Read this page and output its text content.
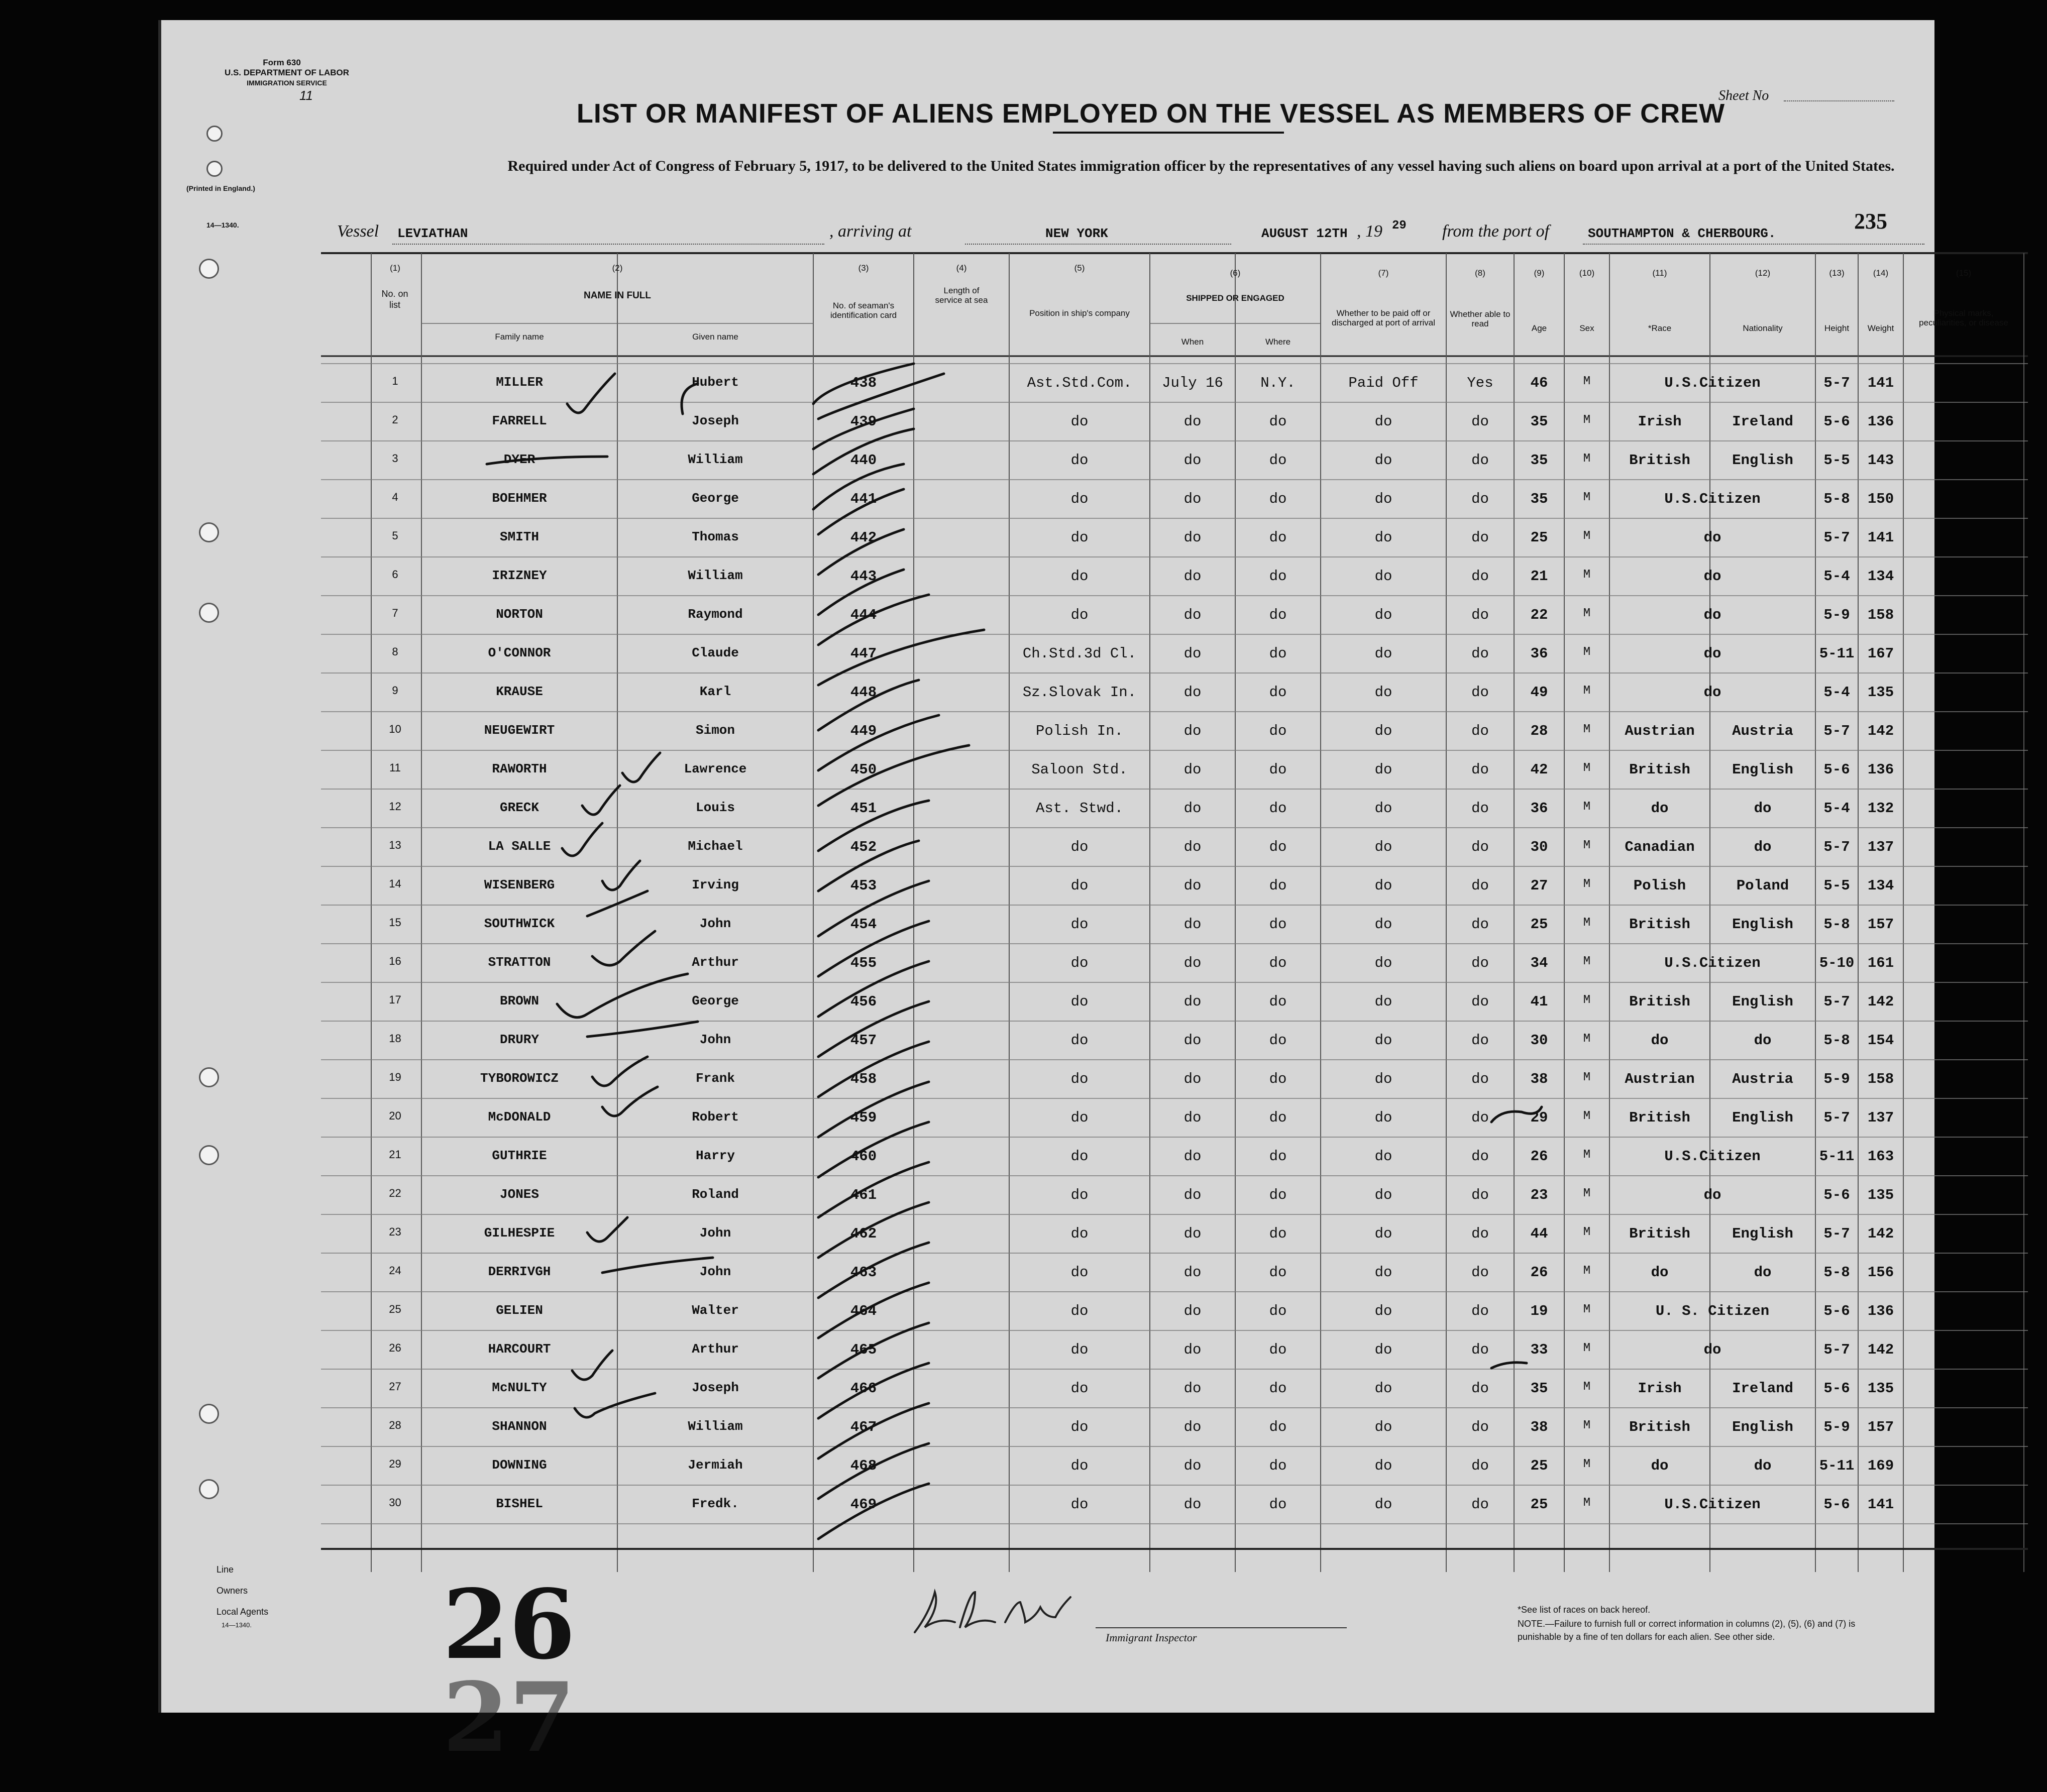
Form 630
U.S. DEPARTMENT OF LABOR
IMMIGRATION SERVICE
11
(Printed in England.)
14—1340.
Sheet No
LIST OR MANIFEST OF ALIENS EMPLOYED ON THE VESSEL AS MEMBERS OF CREW
Required under Act of Congress of February 5, 1917, to be delivered to the United States immigration officer by the representatives of any vessel having such aliens on board upon arrival at a port of the United States.
Vessel LEVIATHAN	, arriving at	NEW YORK	AUGUST 12TH , 19 29 from the port of	SOUTHAMPTON & CHERBOURG.	235
(1)
No. on list
(2)
NAME IN FULL
Family name	Given name
(3)
No. of seaman's identification card
(4)
Length of service at sea
(5)
Position in ship's company
(6)
SHIPPED OR ENGAGED
When	Where
(7)
Whether to be paid off or discharged at port of arrival
(8)
Whether able to read
(9)
Age
(10)
Sex
(11)
*Race
(12)
Nationality
(13)
Height
(14)
Weight
(15)
Physical marks, peculiarities, or disease
1	MILLER	Hubert	438	Ast.Std.Com.	July 16	N.Y.	Paid Off	Yes	46	M	U.S.Citizen	5-7	141
2	FARRELL	Joseph	439	do	do	do	do	do	35	M	Irish	Ireland	5-6	136
3	DYER	William	440	do	do	do	do	do	35	M	British	English	5-5	143
4	BOEHMER	George	441	do	do	do	do	do	35	M	U.S.Citizen	5-8	150
5	SMITH	Thomas	442	do	do	do	do	do	25	M	do	5-7	141
6	IRIZNEY	William	443	do	do	do	do	do	21	M	do	5-4	134
7	NORTON	Raymond	444	do	do	do	do	do	22	M	do	5-9	158
8	O'CONNOR	Claude	447	Ch.Std.3d Cl.	do	do	do	do	36	M	do	5-11 167
9	KRAUSE	Karl	448	Sz.Slovak In.	do	do	do	do	49	M	do	5-4	135
10	NEUGEWIRT	Simon	449	Polish In.	do	do	do	do	28	M	Austrian	Austria	5-7	142
11	RAWORTH	Lawrence	450	Saloon Std.	do	do	do	do	42	M	British	English	5-6	136
12	GRECK	Louis	451	Ast. Stwd.	do	do	do	do	36	M	do	do	5-4	132
13	LA SALLE	Michael	452	do	do	do	do	do	30	M	Canadian	do	5-7	137
14	WISENBERG	Irving	453	do	do	do	do	do	27	M	Polish	Poland	5-5	134
15	SOUTHWICK	John	454	do	do	do	do	do	25	M	British	English	5-8	157
16	STRATTON	Arthur	455	do	do	do	do	do	34	M	U.S.Citizen	5-10 161
17	BROWN	George	456	do	do	do	do	do	41	M	British	English	5-7	142
18	DRURY	John	457	do	do	do	do	do	30	M	do	do	5-8	154
19	TYBOROWICZ	Frank	458	do	do	do	do	do	38	M	Austrian	Austria	5-9	158
20	McDONALD	Robert	459	do	do	do	do	do	29	M	British	English	5-7	137
21	GUTHRIE	Harry	460	do	do	do	do	do	26	M	U.S.Citizen	5-11 163
22	JONES	Roland	461	do	do	do	do	do	23	M	do	5-6	135
23	GILHESPIE	John	462	do	do	do	do	do	44	M	British	English	5-7	142
24	DERRIVGH	John	463	do	do	do	do	do	26	M	do	do	5-8	156
25	GELIEN	Walter	464	do	do	do	do	do	19	M	U. S. Citizen	5-6	136
26	HARCOURT	Arthur	465	do	do	do	do	do	33	M	do	5-7	142
27	McNULTY	Joseph	466	do	do	do	do	do	35	M	Irish	Ireland	5-6	135
28	SHANNON	William	467	do	do	do	do	do	38	M	British	English	5-9	157
29	DOWNING	Jermiah	468	do	do	do	do	do	25	M	do	do	5-11 169
30	BISHEL	Fredk.	469	do	do	do	do	do	25	M	U.S.Citizen	5-6	141
Line
Owners
Local Agents
14—1340. 26
27
Immigrant Inspector
*See list of races on back hereof.
NOTE.—Failure to furnish full or correct information in columns (2), (5), (6) and (7) is punishable by a fine of ten dollars for each alien. See other side.
